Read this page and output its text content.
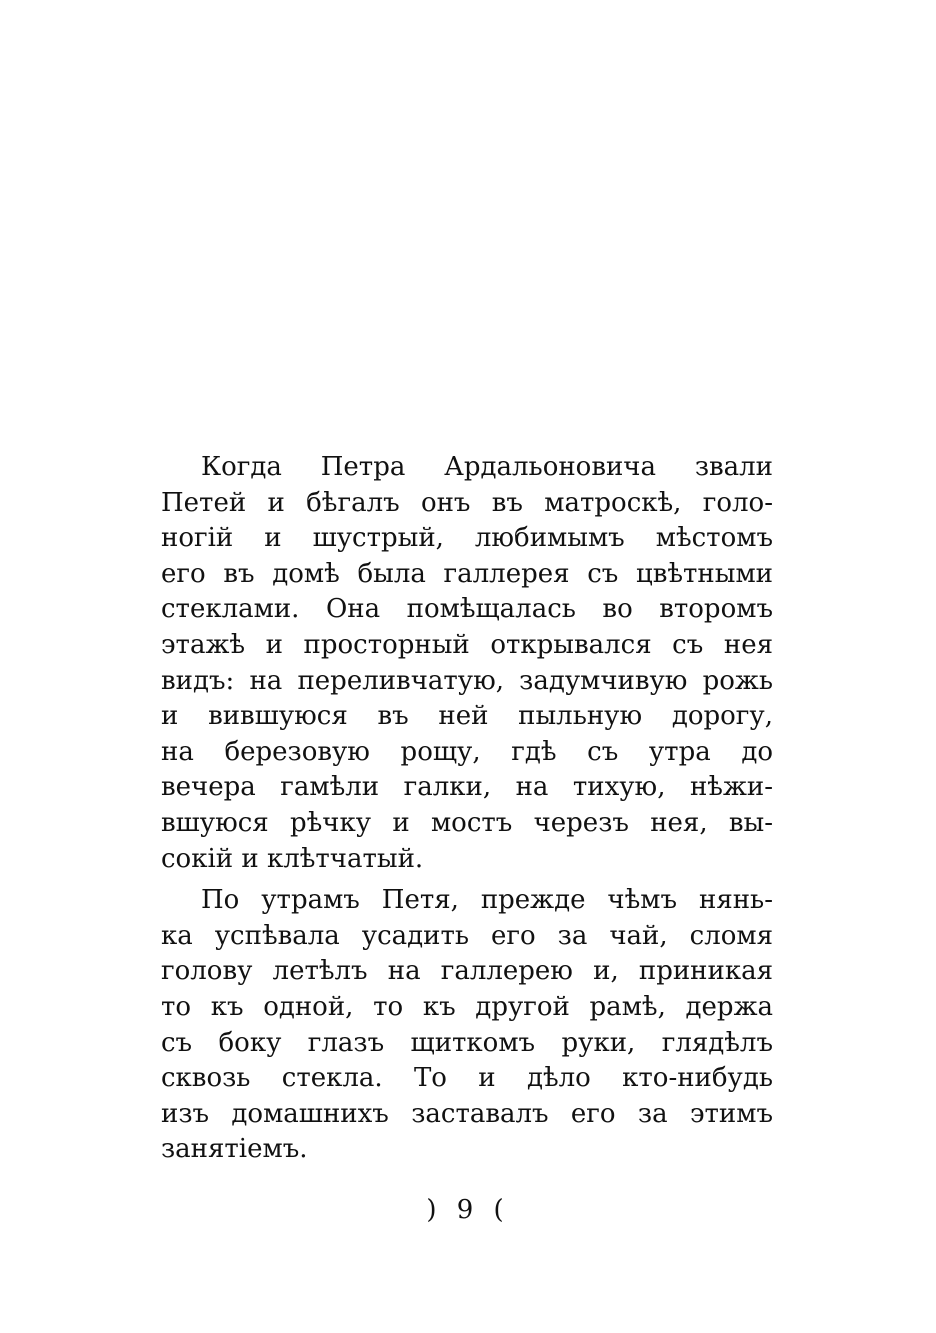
Когда Петра Ардальоновича звали
Петей и бѣгалъ онъ въ матроскѣ, голо-
ногій и шустрый, любимымъ мѣстомъ
его въ домѣ была галлерея съ цвѣтными
стеклами. Она помѣщалась во второмъ
этажѣ и просторный открывался съ нея
видъ: на переливчатую, задумчивую рожь
и вившуюся въ ней пыльную дорогу,
на березовую рощу, гдѣ съ утра до
вечера гамѣли галки, на тихую, нѣжи-
вшуюся рѣчку и мостъ черезъ нея, вы-
сокій и клѣтчатый.
По утрамъ Петя, прежде чѣмъ нянь-
ка успѣвала усадить его за чай, сломя
голову летѣлъ на галлерею и, приникая
то къ одной, то къ другой рамѣ, держа
съ боку глазъ щиткомъ руки, глядѣлъ
сквозь стекла. То и дѣло кто-нибудь
изъ домашнихъ заставалъ его за этимъ
занятіемъ.
) 9 (
